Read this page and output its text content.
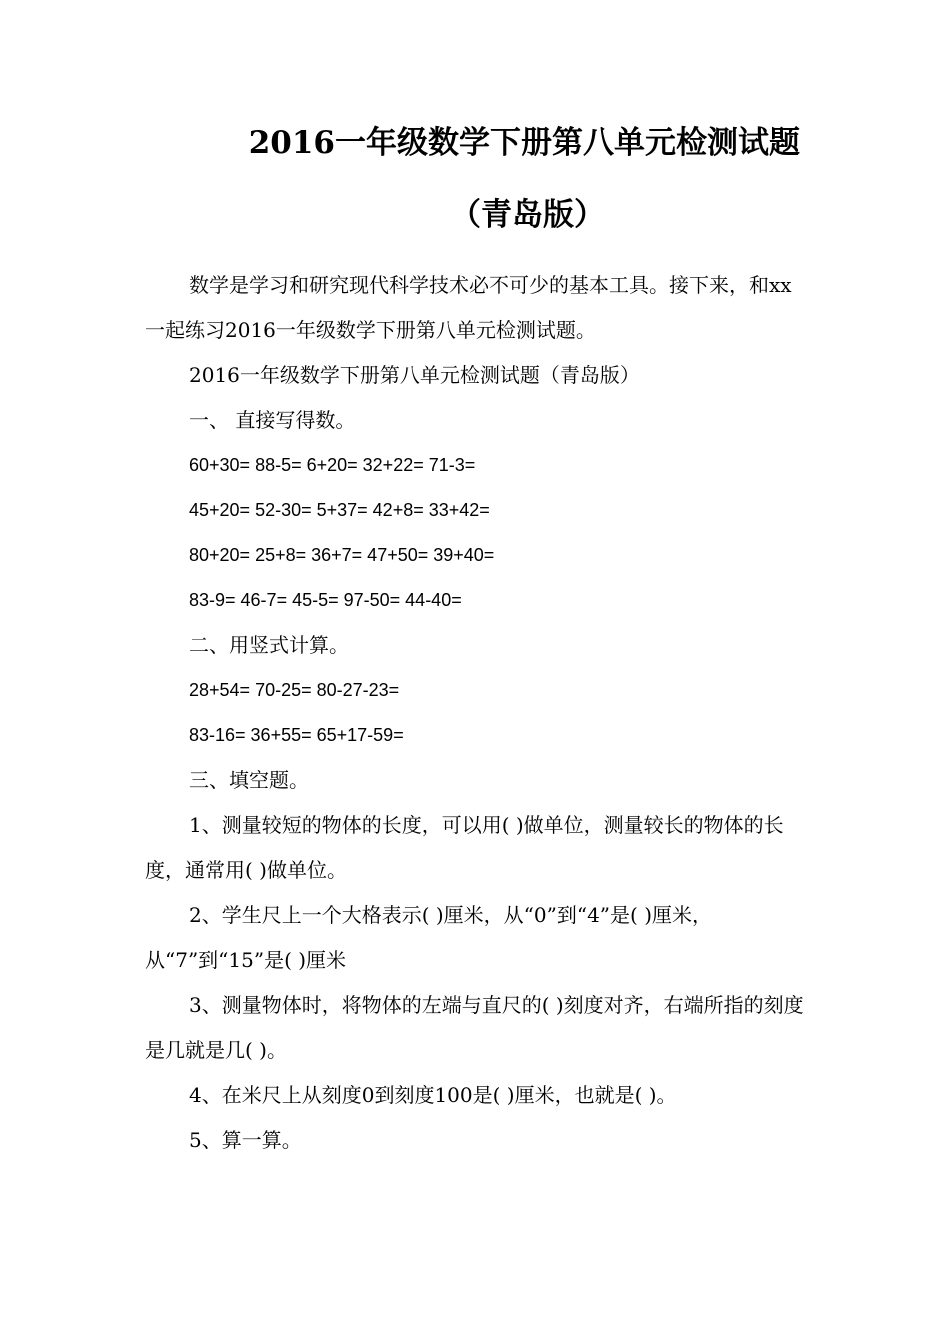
2016一年级数学下册第八单元检测试题
（青岛版）

数学是学习和研究现代科学技术必不可少的基本工具。接下来，和xx一起练习2016一年级数学下册第八单元检测试题。

2016一年级数学下册第八单元检测试题（青岛版）

一、 直接写得数。

60+30= 88-5= 6+20= 32+22= 71-3=

45+20= 52-30= 5+37= 42+8= 33+42=

80+20= 25+8= 36+7= 47+50= 39+40=

83-9= 46-7= 45-5= 97-50= 44-40=

二、用竖式计算。

28+54= 70-25= 80-27-23=

83-16= 36+55= 65+17-59=

三、填空题。

1、测量较短的物体的长度，可以用( )做单位，测量较长的物体的长度，通常用( )做单位。

2、学生尺上一个大格表示( )厘米，从“0”到“4”是( )厘米，从“7”到“15”是( )厘米

3、测量物体时，将物体的左端与直尺的( )刻度对齐，右端所指的刻度是几就是几( )。

4、在米尺上从刻度0到刻度100是( )厘米，也就是( )。

5、算一算。
